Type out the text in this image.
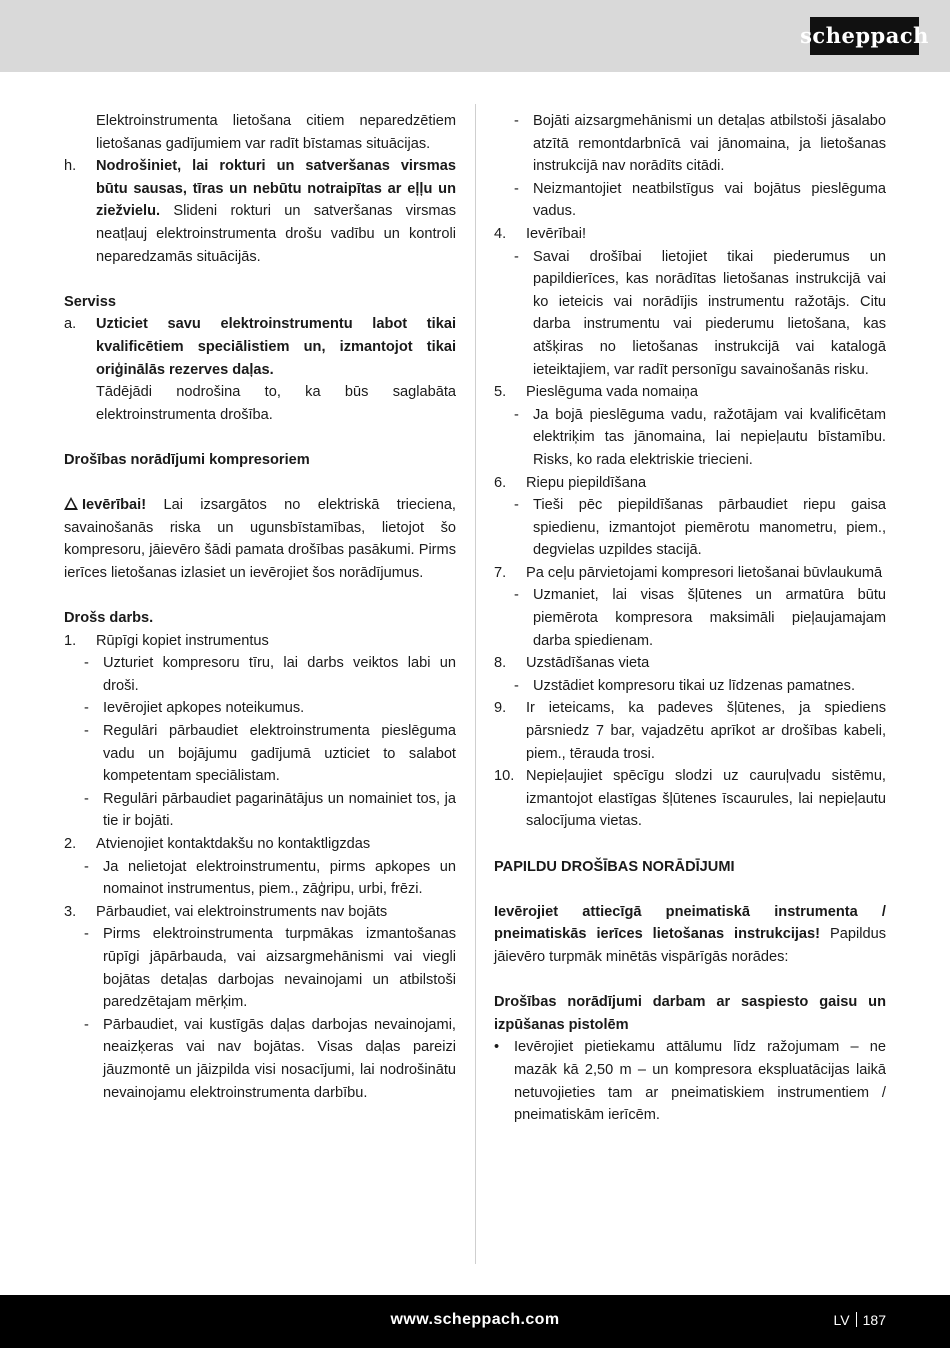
scheppach

Elektroinstrumenta lietošana citiem neparedzētiem lietošanas gadījumiem var radīt bīstamas situācijas.

h. Nodrošiniet, lai rokturi un satveršanas virsmas būtu sausas, tīras un nebūtu notraipītas ar eļļu un ziežvielu. Slideni rokturi un satveršanas virsmas neatļauj elektroinstrumenta drošu vadību un kontroli neparedzamās situācijās.

Serviss

a. Uzticiet savu elektroinstrumentu labot tikai kvalificētiem speciālistiem un, izmantojot tikai oriģinālās rezerves daļas.

Tādējādi nodrošina to, ka būs saglabāta elektroinstrumenta drošība.

Drošības norādījumi kompresoriem

Ievērībai! Lai izsargātos no elektriskā trieciena, savainošanās riska un ugunsbīstamības, lietojot šo kompresoru, jāievēro šādi pamata drošības pasākumi. Pirms ierīces lietošanas izlasiet un ievērojiet šos norādījumus.

Drošs darbs.

1. Rūpīgi kopiet instrumentus

- Uzturiet kompresoru tīru, lai darbs veiktos labi un droši.

- Ievērojiet apkopes noteikumus.

- Regulāri pārbaudiet elektroinstrumenta pieslēguma vadu un bojājumu gadījumā uzticiet to salabot kompetentam speciālistam.

- Regulāri pārbaudiet pagarinātājus un nomainiet tos, ja tie ir bojāti.

2. Atvienojiet kontaktdakšu no kontaktligzdas

- Ja nelietojat elektroinstrumentu, pirms apkopes un nomainot instrumentus, piem., zāģripu, urbi, frēzi.

3. Pārbaudiet, vai elektroinstruments nav bojāts

- Pirms elektroinstrumenta turpmākas izmantošanas rūpīgi jāpārbauda, vai aizsargmehānismi vai viegli bojātas detaļas darbojas nevainojami un atbilstoši paredzētajam mērķim.

- Pārbaudiet, vai kustīgās daļas darbojas nevainojami, neaizķeras vai nav bojātas. Visas daļas pareizi jāuzmontē un jāizpilda visi nosacījumi, lai nodrošinātu nevainojamu elektroinstrumenta darbību.

- Bojāti aizsargmehānismi un detaļas atbilstoši jāsalabo atzītā remontdarbnīcā vai jānomaina, ja lietošanas instrukcijā nav norādīts citādi.

- Neizmantojiet neatbilstīgus vai bojātus pieslēguma vadus.

4. Ievērībai!

- Savai drošībai lietojiet tikai piederumus un papildierīces, kas norādītas lietošanas instrukcijā vai ko ieteicis vai norādījis instrumentu ražotājs. Citu darba instrumentu vai piederumu lietošana, kas atšķiras no lietošanas instrukcijā vai katalogā ieteiktajiem, var radīt personīgu savainošanās risku.

5. Pieslēguma vada nomaiņa

- Ja bojā pieslēguma vadu, ražotājam vai kvalificētam elektriķim tas jānomaina, lai nepieļautu bīstamību. Risks, ko rada elektriskie triecieni.

6. Riepu piepildīšana

- Tieši pēc piepildīšanas pārbaudiet riepu gaisa spiedienu, izmantojot piemērotu manometru, piem., degvielas uzpildes stacijā.

7. Pa ceļu pārvietojami kompresori lietošanai būvlaukumā

- Uzmaniet, lai visas šļūtenes un armatūra būtu piemērota kompresora maksimāli pieļaujamajam darba spiedienam.

8. Uzstādīšanas vieta

- Uzstādiet kompresoru tikai uz līdzenas pamatnes.

9. Ir ieteicams, ka padeves šļūtenes, ja spiediens pārsniedz 7 bar, vajadzētu aprīkot ar drošības kabeli, piem., tērauda trosi.

10. Nepieļaujiet spēcīgu slodzi uz cauruļvadu sistēmu, izmantojot elastīgas šļūtenes īscaurules, lai nepieļautu salocījuma vietas.

PAPILDU DROŠĪBAS NORĀDĪJUMI

Ievērojiet attiecīgā pneimatiskā instrumenta / pneimatiskās ierīces lietošanas instrukcijas! Papildus jāievēro turpmāk minētās vispārīgās norādes:

Drošības norādījumi darbam ar saspiesto gaisu un izpūšanas pistolēm

• Ievērojiet pietiekamu attālumu līdz ražojumam – ne mazāk kā 2,50 m – un kompresora ekspluatācijas laikā netuvojieties tam ar pneimatiskiem instrumentiem / pneimatiskām ierīcēm.

www.scheppach.com	LV 187
